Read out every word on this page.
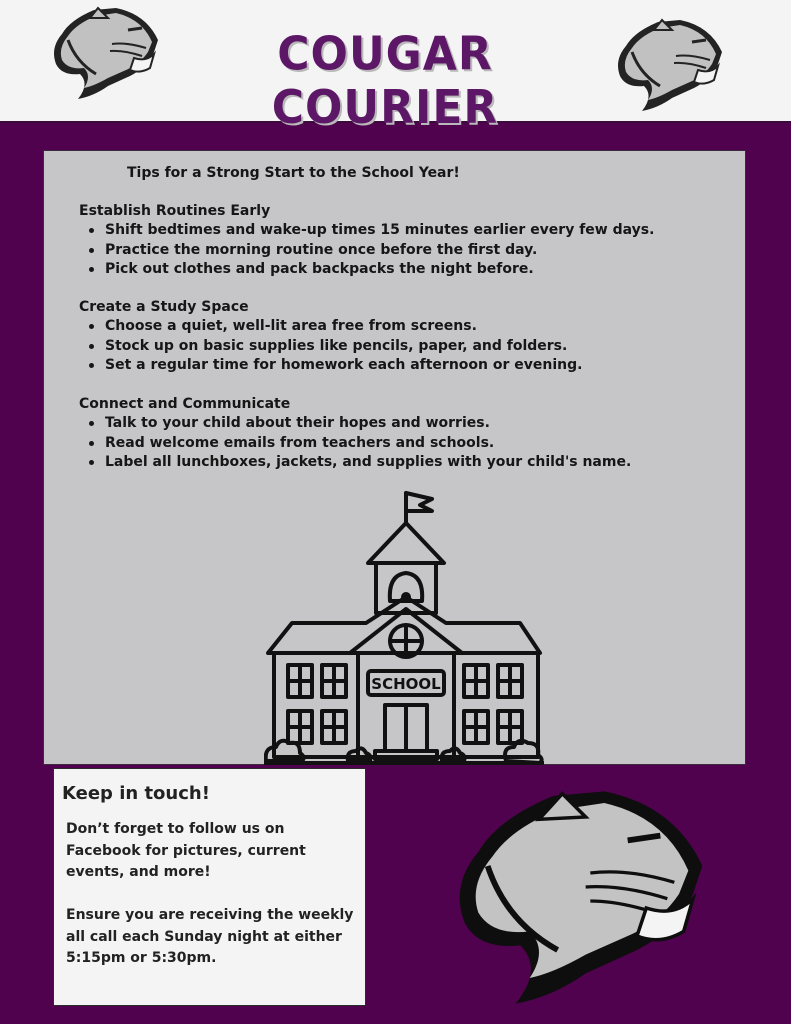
COUGAR COURIER
Tips for a Strong Start to the School Year!
Establish Routines Early
Shift bedtimes and wake-up times 15 minutes earlier every few days.
Practice the morning routine once before the first day.
Pick out clothes and pack backpacks the night before.
Create a Study Space
Choose a quiet, well-lit area free from screens.
Stock up on basic supplies like pencils, paper, and folders.
Set a regular time for homework each afternoon or evening.
Connect and Communicate
Talk to your child about their hopes and worries.
Read welcome emails from teachers and schools.
Label all lunchboxes, jackets, and supplies with your child's name.
SCHOOL
Keep in touch!
Don’t forget to follow us on Facebook for pictures, current events, and more!
Ensure you are receiving the weekly all call each Sunday night at either 5:15pm or 5:30pm.
